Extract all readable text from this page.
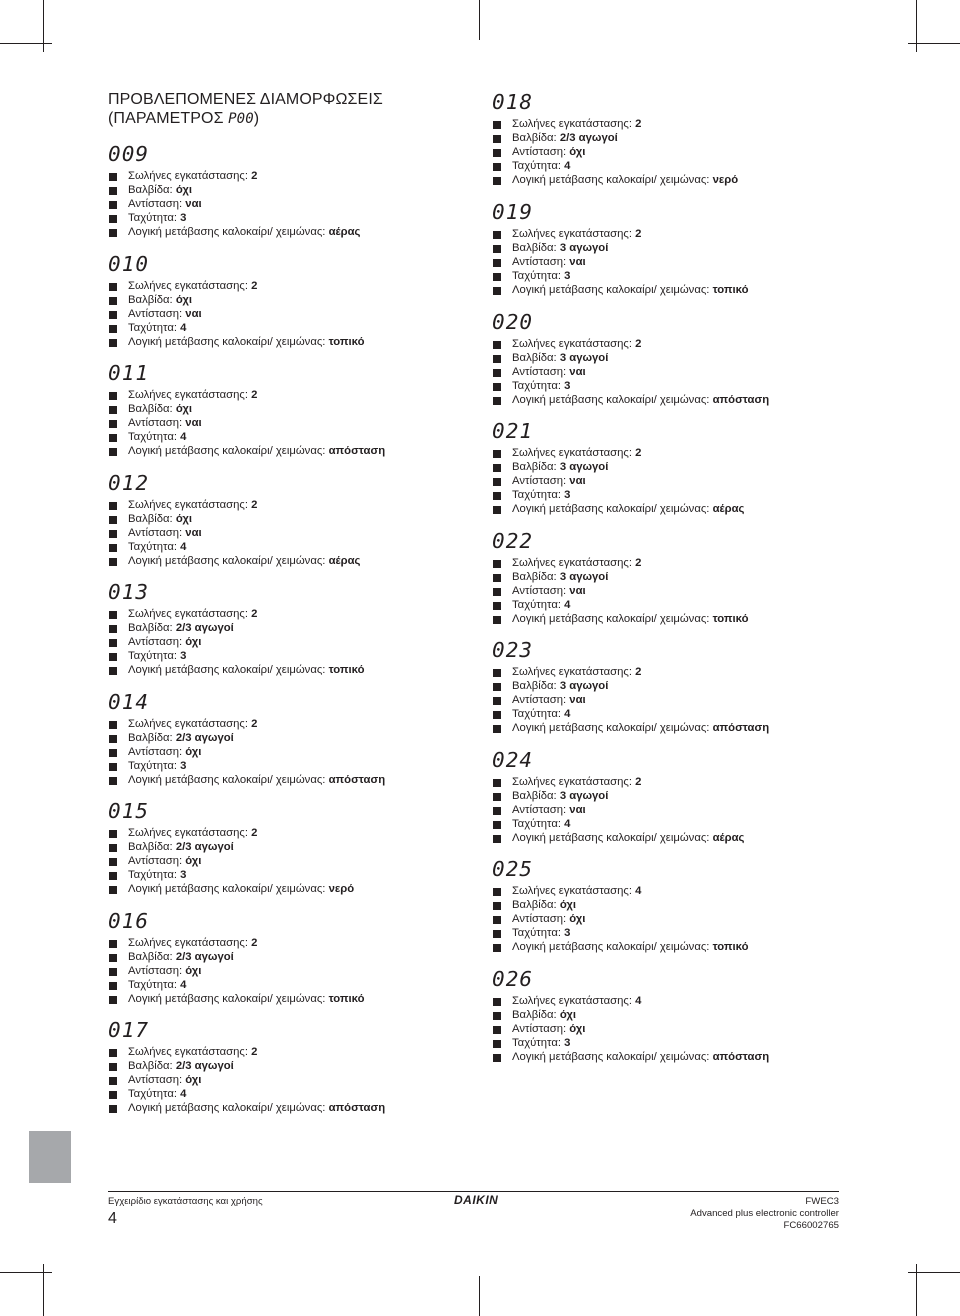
ΠΡΟΒΛΕΠΟΜΕΝΕΣ ΔΙΑΜΟΡΦΩΣΕΙΣ
(ΠΑΡΑΜΕΤΡΟΣ P00)
009
Σωλήνες εγκατάστασης: 2
Βαλβίδα: όχι
Αντίσταση: ναι
Ταχύτητα: 3
Λογική μετάβασης καλοκαίρι/ χειμώνας: αέρας
010
Σωλήνες εγκατάστασης: 2
Βαλβίδα: όχι
Αντίσταση: ναι
Ταχύτητα: 4
Λογική μετάβασης καλοκαίρι/ χειμώνας: τοπικό
011
Σωλήνες εγκατάστασης: 2
Βαλβίδα: όχι
Αντίσταση: ναι
Ταχύτητα: 4
Λογική μετάβασης καλοκαίρι/ χειμώνας: απόσταση
012
Σωλήνες εγκατάστασης: 2
Βαλβίδα: όχι
Αντίσταση: ναι
Ταχύτητα: 4
Λογική μετάβασης καλοκαίρι/ χειμώνας: αέρας
013
Σωλήνες εγκατάστασης: 2
Βαλβίδα: 2/3 αγωγοί
Αντίσταση: όχι
Ταχύτητα: 3
Λογική μετάβασης καλοκαίρι/ χειμώνας: τοπικό
014
Σωλήνες εγκατάστασης: 2
Βαλβίδα: 2/3 αγωγοί
Αντίσταση: όχι
Ταχύτητα: 3
Λογική μετάβασης καλοκαίρι/ χειμώνας: απόσταση
015
Σωλήνες εγκατάστασης: 2
Βαλβίδα: 2/3 αγωγοί
Αντίσταση: όχι
Ταχύτητα: 3
Λογική μετάβασης καλοκαίρι/ χειμώνας: νερό
016
Σωλήνες εγκατάστασης: 2
Βαλβίδα: 2/3 αγωγοί
Αντίσταση: όχι
Ταχύτητα: 4
Λογική μετάβασης καλοκαίρι/ χειμώνας: τοπικό
017
Σωλήνες εγκατάστασης: 2
Βαλβίδα: 2/3 αγωγοί
Αντίσταση: όχι
Ταχύτητα: 4
Λογική μετάβασης καλοκαίρι/ χειμώνας: απόσταση
018
Σωλήνες εγκατάστασης: 2
Βαλβίδα: 2/3 αγωγοί
Αντίσταση: όχι
Ταχύτητα: 4
Λογική μετάβασης καλοκαίρι/ χειμώνας: νερό
019
Σωλήνες εγκατάστασης: 2
Βαλβίδα: 3 αγωγοί
Αντίσταση: ναι
Ταχύτητα: 3
Λογική μετάβασης καλοκαίρι/ χειμώνας: τοπικό
020
Σωλήνες εγκατάστασης: 2
Βαλβίδα: 3 αγωγοί
Αντίσταση: ναι
Ταχύτητα: 3
Λογική μετάβασης καλοκαίρι/ χειμώνας: απόσταση
021
Σωλήνες εγκατάστασης: 2
Βαλβίδα: 3 αγωγοί
Αντίσταση: ναι
Ταχύτητα: 3
Λογική μετάβασης καλοκαίρι/ χειμώνας: αέρας
022
Σωλήνες εγκατάστασης: 2
Βαλβίδα: 3 αγωγοί
Αντίσταση: ναι
Ταχύτητα: 4
Λογική μετάβασης καλοκαίρι/ χειμώνας: τοπικό
023
Σωλήνες εγκατάστασης: 2
Βαλβίδα: 3 αγωγοί
Αντίσταση: ναι
Ταχύτητα: 4
Λογική μετάβασης καλοκαίρι/ χειμώνας: απόσταση
024
Σωλήνες εγκατάστασης: 2
Βαλβίδα: 3 αγωγοί
Αντίσταση: ναι
Ταχύτητα: 4
Λογική μετάβασης καλοκαίρι/ χειμώνας: αέρας
025
Σωλήνες εγκατάστασης: 4
Βαλβίδα: όχι
Αντίσταση: όχι
Ταχύτητα: 3
Λογική μετάβασης καλοκαίρι/ χειμώνας: τοπικό
026
Σωλήνες εγκατάστασης: 4
Βαλβίδα: όχι
Αντίσταση: όχι
Ταχύτητα: 3
Λογική μετάβασης καλοκαίρι/ χειμώνας: απόσταση
Εγχειρίδιο εγκατάστασης και χρήσης
4
DAIKIN	FWEC3
Advanced plus electronic controller
FC66002765
